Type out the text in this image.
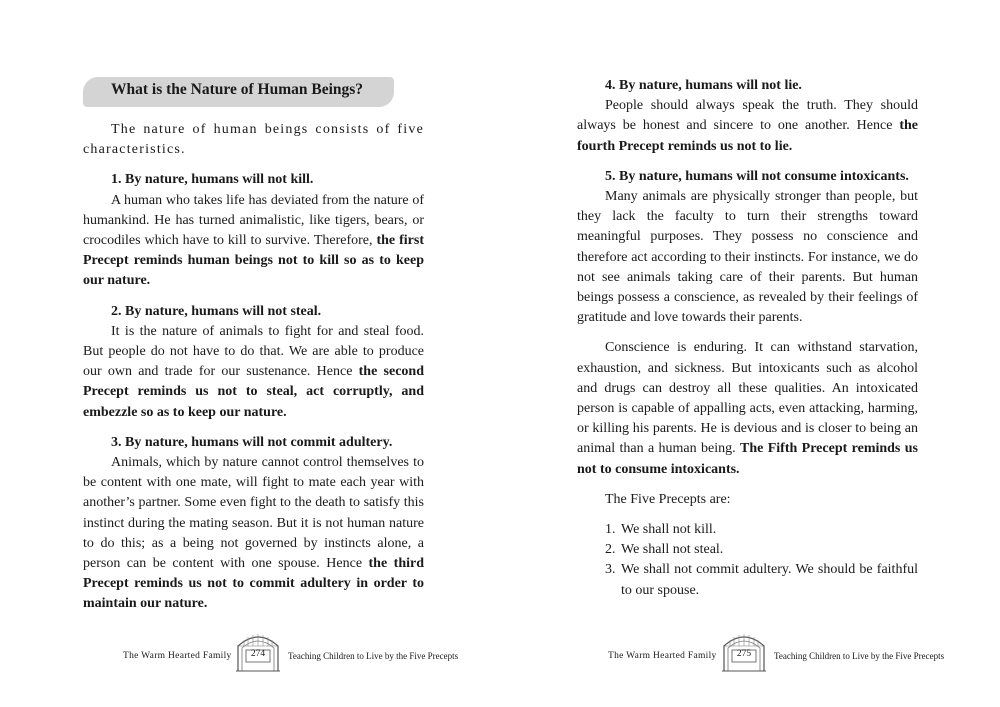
What is the Nature of Human Beings?

The nature of human beings consists of five characteristics.

1. By nature, humans will not kill.

A human who takes life has deviated from the nature of humankind. He has turned animalistic, like tigers, bears, or crocodiles which have to kill to survive. Therefore, the first Precept reminds human beings not to kill so as to keep our nature.

2. By nature, humans will not steal.

It is the nature of animals to fight for and steal food. But people do not have to do that. We are able to produce our own and trade for our sustenance. Hence the second Precept reminds us not to steal, act corruptly, and embezzle so as to keep our nature.

3. By nature, humans will not commit adultery.

Animals, which by nature cannot control themselves to be content with one mate, will fight to mate each year with another’s partner. Some even fight to the death to satisfy this instinct during the mating season. But it is not human nature to do this; as a being not governed by instincts alone, a person can be content with one spouse. Hence the third Precept reminds us not to commit adultery in order to maintain our nature.

The Warm Hearted Family	274	Teaching Children to Live by the Five Precepts

4. By nature, humans will not lie.

People should always speak the truth. They should always be honest and sincere to one another. Hence the fourth Precept reminds us not to lie.

5. By nature, humans will not consume intoxicants.

Many animals are physically stronger than people, but they lack the faculty to turn their strengths toward meaningful purposes. They possess no conscience and therefore act according to their instincts. For instance, we do not see animals taking care of their parents. But human beings possess a conscience, as revealed by their feelings of gratitude and love towards their parents.

Conscience is enduring. It can withstand starvation, exhaustion, and sickness. But intoxicants such as alcohol and drugs can destroy all these qualities. An intoxicated person is capable of appalling acts, even attacking, harming, or killing his parents. He is devious and is closer to being an animal than a human being. The Fifth Precept reminds us not to consume intoxicants.

The Five Precepts are:

1. We shall not kill.
2. We shall not steal.
3. We shall not commit adultery. We should be faithful to our spouse.
The Warm Hearted Family	275	Teaching Children to Live by the Five Precepts
